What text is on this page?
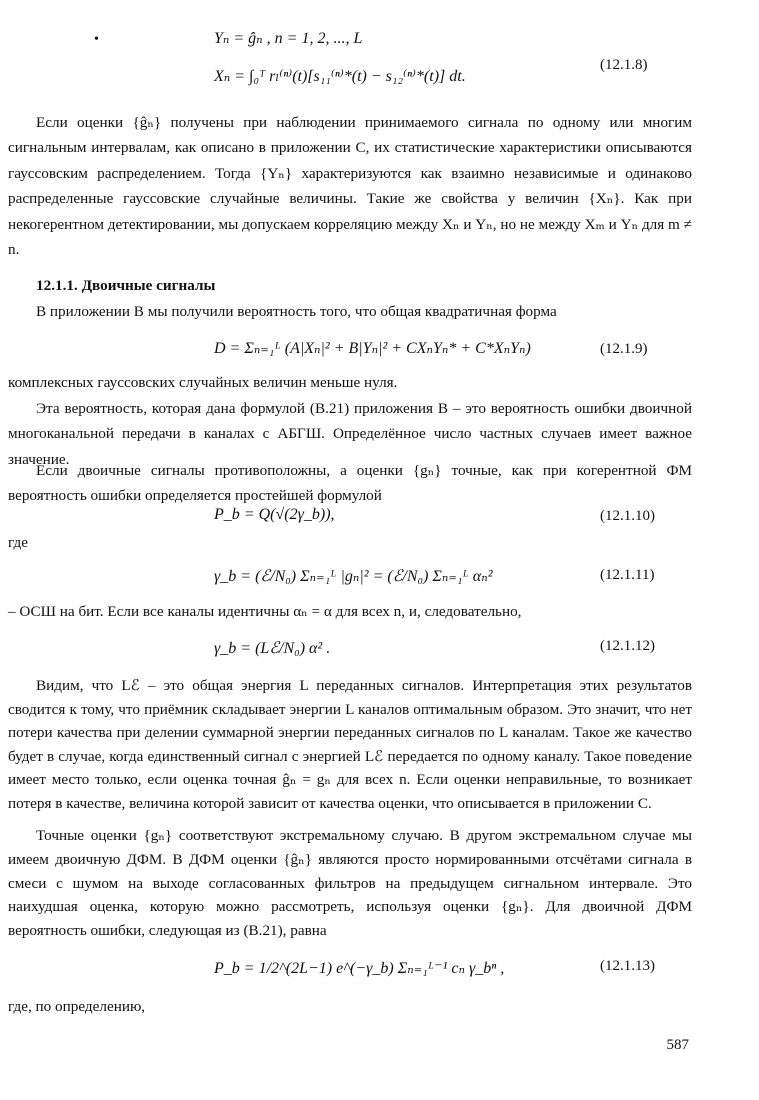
•	Yₙ = ĝₙ , n = 1, 2, ..., L
Xₙ = ∫₀ᵀ rₗ⁽ⁿ⁾(t)[s₁₁⁽ⁿ⁾*(t) − s₁₂⁽ⁿ⁾*(t)] dt.
(12.1.8)
Если оценки {ĝₙ} получены при наблюдении принимаемого сигнала по одному или многим сигнальным интервалам, как описано в приложении С, их статистические характеристики описываются гауссовским распределением. Тогда {Yₙ} характеризуются как взаимно независимые и одинаково распределенные гауссовские случайные величины. Такие же свойства у величин {Xₙ}. Как при некогерентном детектировании, мы допускаем корреляцию между Xₙ и Yₙ, но не между Xₘ и Yₙ для m ≠ n.
12.1.1. Двоичные сигналы
В приложении В мы получили вероятность того, что общая квадратичная форма
D = Σₙ₌₁ᴸ (A|Xₙ|² + B|Yₙ|² + CXₙYₙ* + C*XₙYₙ)	(12.1.9)
комплексных гауссовских случайных величин меньше нуля.
Эта вероятность, которая дана формулой (В.21) приложения В – это вероятность ошибки двоичной многоканальной передачи в каналах с АБГШ. Определённое число частных случаев имеет важное значение.
Если двоичные сигналы противоположны, а оценки {gₙ} точные, как при когерентной ФМ вероятность ошибки определяется простейшей формулой
P_b = Q(√(2γ_b)),	(12.1.10)
где
γ_b = (ℰ/N₀) Σₙ₌₁ᴸ |gₙ|² = (ℰ/N₀) Σₙ₌₁ᴸ αₙ²	(12.1.11)
– ОСШ на бит. Если все каналы идентичны αₙ = α для всех n, и, следовательно,
γ_b = (Lℰ/N₀) α² .	(12.1.12)
Видим, что Lℰ – это общая энергия L переданных сигналов. Интерпретация этих результатов сводится к тому, что приёмник складывает энергии L каналов оптимальным образом. Это значит, что нет потери качества при делении суммарной энергии переданных сигналов по L каналам. Такое же качество будет в случае, когда единственный сигнал с энергией Lℰ передается по одному каналу. Такое поведение имеет место только, если оценка точная ĝₙ = gₙ для всех n. Если оценки неправильные, то возникает потеря в качестве, величина которой зависит от качества оценки, что описывается в приложении С.
Точные оценки {gₙ} соответствуют экстремальному случаю. В другом экстремальном случае мы имеем двоичную ДФМ. В ДФМ оценки {ĝₙ} являются просто нормированными отсчётами сигнала в смеси с шумом на выходе согласованных фильтров на предыдущем сигнальном интервале. Это наихудшая оценка, которую можно рассмотреть, используя оценки {gₙ}. Для двоичной ДФМ вероятность ошибки, следующая из (В.21), равна
P_b = 1/2^(2L−1) e^(−γ_b) Σₙ₌₁ᴸ⁻¹ cₙ γ_bⁿ ,	(12.1.13)
где, по определению,
587
